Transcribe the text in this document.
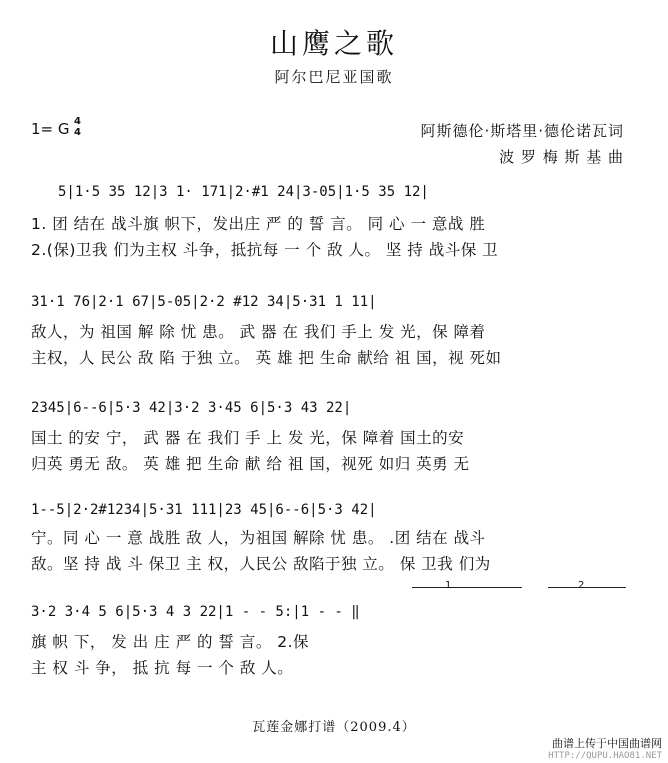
山鹰之歌
阿尔巴尼亚国歌
1= G 4
4	阿斯德伦·斯塔里·德伦诺瓦词
波 罗 梅 斯 基 曲
5|1·5 35 12|3 1· 171|2·#1 24|3-05|1·5 35 12|
1. 团 结在 战斗旗 帜下，发出庄 严 的 誓 言。 同 心 一 意战 胜
2.(保)卫我 们为主权 斗争，抵抗每 一 个 敌 人。 坚 持 战斗保 卫
31·1 76|2·1 67|5-05|2·2 #12 34|5·31 1 11|
敌人，为 祖国 解 除 忧 患。 武 器 在 我们 手上 发 光，保 障着
主权，人 民公 敌 陷 于独 立。 英 雄 把 生命 献给 祖 国，视 死如
2345|6--6|5·3 42|3·2 3·45 6|5·3 43 22|
国土 的安 宁， 武 器 在 我们 手 上 发 光，保 障着 国土的安
归英 勇无 敌。 英 雄 把 生命 献 给 祖 国，视死 如归 英勇 无
1--5|2·2#1234|5·31 111|23 45|6--6|5·3 42|
宁。同 心 一 意 战胜 敌 人，为祖国 解除 忧 患。 .团 结在 战斗
敌。坚 持 战 斗 保卫 主 权，人民公 敌陷于独 立。 保 卫我 们为
1	2
3·2 3·4 5 6|5·3 4 3 22|1 - - 5:|1 - - ‖
旗 帜 下， 发 出 庄 严 的 誓 言。 2.保
主 权 斗 争， 抵 抗 每 一 个 敌 人。
瓦莲金娜打谱（2009.4）
曲谱上传于中国曲谱网
HTTP://QUPU.HAO81.NET
